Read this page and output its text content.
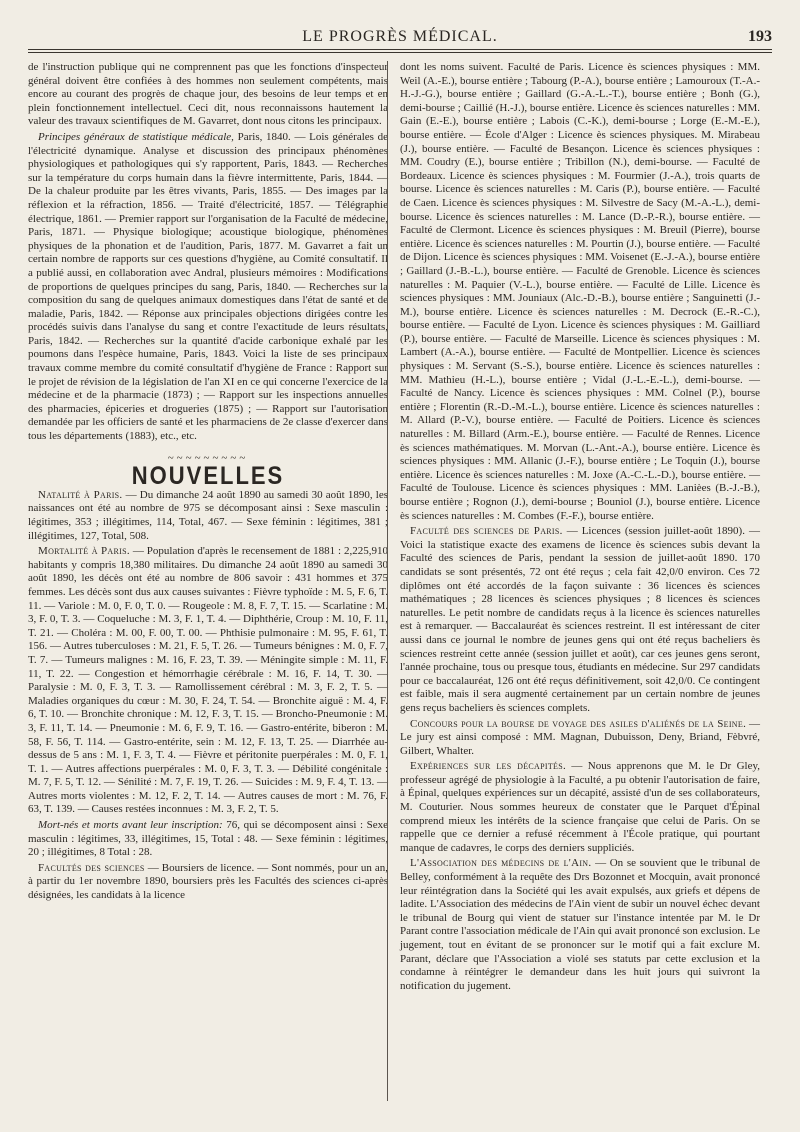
LE PROGRÈS MÉDICAL.	193

de l'instruction publique qui ne comprennent pas que les fonctions d'inspecteur général doivent être confiées à des hommes non seulement compétents, mais encore au courant des progrès de chaque jour, des besoins de leur temps et en plein fonctionnement intellectuel. Ceci dit, nous reconnaissons hautement la valeur des travaux scientifiques de M. Gavarret, dont nous citons les principaux.

Principes généraux de statistique médicale, Paris, 1840. — Lois générales de l'électricité dynamique. Analyse et discussion des principaux phénomènes physiologiques et pathologiques qui s'y rapportent, Paris, 1843. — Recherches sur la température du corps humain dans la fièvre intermittente, Paris, 1844. — De la chaleur produite par les êtres vivants, Paris, 1855. — Des images par la réflexion et la réfraction, 1856. — Traité d'électricité, 1857. — Télégraphie électrique, 1861. — Premier rapport sur l'organisation de la Faculté de médecine, Paris, 1871. — Physique biologique; acoustique biologique, phénomènes physiques de la phonation et de l'audition, Paris, 1877. M. Gavarret a fait un certain nombre de rapports sur ces questions d'hygiène, au Comité consultatif. Il a publié aussi, en collaboration avec Andral, plusieurs mémoires : Modifications de proportions de quelques principes du sang, Paris, 1840. — Recherches sur la composition du sang de quelques animaux domestiques dans l'état de santé et de maladie, Paris, 1842. — Réponse aux principales objections dirigées contre les procédés suivis dans l'analyse du sang et contre l'exactitude de leurs résultats, Paris, 1842. — Recherches sur la quantité d'acide carbonique exhalé par les poumons dans l'espèce humaine, Paris, 1843. Voici la liste de ses principaux travaux comme membre du comité consultatif d'hygiène de France : Rapport sur le projet de révision de la législation de l'an XI en ce qui concerne l'exercice de la médecine et de la pharmacie (1873) ; — Rapport sur les inspections annuelles des pharmacies, épiceries et drogueries (1875) ; — Rapport sur l'autorisation demandée par les officiers de santé et les pharmaciens de 2e classe d'exercer dans tous les départements (1883), etc., etc.

~~~~~~~~~
NOUVELLES

Natalité à Paris. — Du dimanche 24 août 1890 au samedi 30 août 1890, les naissances ont été au nombre de 975 se décomposant ainsi : Sexe masculin : légitimes, 353 ; illégitimes, 114, Total, 467. — Sexe féminin : légitimes, 381 ; illégitimes, 127, Total, 508.

Mortalité à Paris. — Population d'après le recensement de 1881 : 2,225,910 habitants y compris 18,380 militaires. Du dimanche 24 août 1890 au samedi 30 août 1890, les décès ont été au nombre de 806 savoir : 431 hommes et 375 femmes. Les décès sont dus aux causes suivantes : Fièvre typhoïde : M. 5, F. 6, T. 11. — Variole : M. 0, F. 0, T. 0. — Rougeole : M. 8, F. 7, T. 15. — Scarlatine : M. 3, F. 0, T. 3. — Coqueluche : M. 3, F. 1, T. 4. — Diphthérie, Croup : M. 10, F. 11, T. 21. — Choléra : M. 00, F. 00, T. 00. — Phthisie pulmonaire : M. 95, F. 61, T. 156. — Autres tuberculoses : M. 21, F. 5, T. 26. — Tumeurs bénignes : M. 0, F. 7, T. 7. — Tumeurs malignes : M. 16, F. 23, T. 39. — Méningite simple : M. 11, F. 11, T. 22. — Congestion et hémorrhagie cérébrale : M. 16, F. 14, T. 30. — Paralysie : M. 0, F. 3, T. 3. — Ramollissement cérébral : M. 3, F. 2, T. 5. — Maladies organiques du cœur : M. 30, F. 24, T. 54. — Bronchite aiguë : M. 4, F. 6, T. 10. — Bronchite chronique : M. 12, F. 3, T. 15. — Broncho-Pneumonie : M. 3, F. 11, T. 14. — Pneumonie : M. 6, F. 9, T. 16. — Gastro-entérite, biberon : M. 58, F. 56, T. 114. — Gastro-entérite, sein : M. 12, F. 13, T. 25. — Diarrhée au-dessus de 5 ans : M. 1, F. 3, T. 4. — Fièvre et péritonite puerpérales : M. 0, F. 1, T. 1. — Autres affections puerpérales : M. 0, F. 3, T. 3. — Débilité congénitale : M. 7, F. 5, T. 12. — Sénilité : M. 7, F. 19, T. 26. — Suicides : M. 9, F. 4, T. 13. — Autres morts violentes : M. 12, F. 2, T. 14. — Autres causes de mort : M. 76, F. 63, T. 139. — Causes restées inconnues : M. 3, F. 2, T. 5.

Mort-nés et morts avant leur inscription: 76, qui se décomposent ainsi : Sexe masculin : légitimes, 33, illégitimes, 15, Total : 48. — Sexe féminin : légitimes, 20 ; illégitimes, 8 Total : 28.

Facultés des sciences — Boursiers de licence. — Sont nommés, pour un an, à partir du 1er novembre 1890, boursiers près les Facultés des sciences ci-après désignées, les candidats à la licence

dont les noms suivent. Faculté de Paris. Licence ès sciences physiques : MM. Weil (A.-E.), bourse entière ; Tabourg (P.-A.), bourse entière ; Lamouroux (T.-A.-H.-J.-G.), bourse entière ; Gaillard (G.-A.-L.-T.), bourse entière ; Bonh (G.), demi-bourse ; Caillié (H.-J.), bourse entière. Licence ès sciences naturelles : MM. Gain (E.-E.), bourse entière ; Labois (C.-K.), demi-bourse ; Lorge (E.-M.-E.), bourse entière. — École d'Alger : Licence ès sciences physiques. M. Mirabeau (J.), bourse entière. — Faculté de Besançon. Licence ès sciences physiques : MM. Coudry (E.), bourse entière ; Tribillon (N.), demi-bourse. — Faculté de Bordeaux. Licence ès sciences physiques : M. Fourmier (J.-A.), trois quarts de bourse. Licence ès sciences naturelles : M. Caris (P.), bourse entière. — Faculté de Caen. Licence ès sciences physiques : M. Silvestre de Sacy (M.-A.-L.), demi-bourse. Licence ès sciences naturelles : M. Lance (D.-P.-R.), bourse entière. — Faculté de Clermont. Licence ès sciences physiques : M. Breuil (Pierre), bourse entière. Licence ès sciences naturelles : M. Pourtin (J.), bourse entière. — Faculté de Dijon. Licence ès sciences physiques : MM. Voisenet (E.-J.-A.), bourse entière ; Gaillard (J.-B.-L.), bourse entière. — Faculté de Grenoble. Licence ès sciences naturelles : M. Paquier (V.-L.), bourse entière. — Faculté de Lille. Licence ès sciences physiques : MM. Jouniaux (Alc.-D.-B.), bourse entière ; Sanguinetti (J.-M.), bourse entière. Licence ès sciences naturelles : M. Decrock (E.-R.-C.), bourse entière. — Faculté de Lyon. Licence ès sciences physiques : M. Gailliard (P.), bourse entière. — Faculté de Marseille. Licence ès sciences physiques : M. Lambert (A.-A.), bourse entière. — Faculté de Montpellier. Licence ès sciences physiques : M. Servant (S.-S.), bourse entière. Licence ès sciences naturelles : MM. Mathieu (H.-L.), bourse entière ; Vidal (J.-L.-E.-L.), demi-bourse. — Faculté de Nancy. Licence ès sciences physiques : MM. Colnel (P.), bourse entière ; Florentin (R.-D.-M.-L.), bourse entière. Licence ès sciences naturelles : M. Allard (P.-V.), bourse entière. — Faculté de Poitiers. Licence ès sciences naturelles : M. Billard (Arm.-E.), bourse entière. — Faculté de Rennes. Licence ès sciences mathématiques. M. Morvan (L.-Ant.-A.), bourse entière. Licence ès sciences physiques : MM. Allanic (J.-F.), bourse entière ; Le Toquin (J.), bourse entière. Licence ès sciences naturelles : M. Joxe (A.-C.-L.-D.), bourse entière. — Faculté de Toulouse. Licence ès sciences physiques : MM. Lanièes (B.-J.-B.), bourse entière ; Rognon (J.), demi-bourse ; Bouniol (J.), bourse entière. Licence ès sciences naturelles : M. Combes (F.-F.), bourse entière.

Faculté des sciences de Paris. — Licences (session juillet-août 1890). — Voici la statistique exacte des examens de licence ès sciences subis devant la Faculté des sciences de Paris, pendant la session de juillet-août 1890. 170 candidats se sont présentés, 72 ont été reçus ; cela fait 42,0/0 environ. Ces 72 diplômes ont été accordés de la façon suivante : 36 licences ès sciences mathématiques ; 28 licences ès sciences physiques ; 8 licences ès sciences naturelles. Le petit nombre de candidats reçus à la licence ès sciences naturelles est à remarquer. — Baccalauréat ès sciences restreint. Il est intéressant de citer aussi dans ce journal le nombre de jeunes gens qui ont été reçus bacheliers ès sciences restreint cette année (session juillet et août), car ces jeunes gens seront, l'année prochaine, tous ou presque tous, étudiants en médecine. Sur 297 candidats pour ce baccalauréat, 126 ont été reçus définitivement, soit 42,0/0. Ce contingent est faible, mais il sera augmenté certainement par un certain nombre de jeunes gens reçus bacheliers ès sciences complets.

Concours pour la bourse de voyage des asiles d'aliénés de la Seine. — Le jury est ainsi composé : MM. Magnan, Dubuisson, Deny, Briand, Fèbvré, Gilbert, Whalter.

Expériences sur les décapités. — Nous apprenons que M. le Dr Gley, professeur agrégé de physiologie à la Faculté, a pu obtenir l'autorisation de faire, à Épinal, quelques expériences sur un décapité, assisté d'un de ses collaborateurs, M. Couturier. Nous sommes heureux de constater que le Parquet d'Épinal comprend mieux les intérêts de la science française que celui de Paris. On se rappelle que ce dernier a refusé récemment à l'École pratique, qui pourtant manque de cadavres, le corps des derniers suppliciés.

L'Association des médecins de l'Ain. — On se souvient que le tribunal de Belley, conformément à la requête des Drs Bozonnet et Mocquin, avait prononcé leur réintégration dans la Société qui les avait expulsés, aux griefs et dépens de ladite. L'Association des médecins de l'Ain vient de subir un nouvel échec devant le tribunal de Bourg qui vient de statuer sur l'instance intentée par M. le Dr Parant contre l'association médicale de l'Ain qui avait prononcé son exclusion. Le jugement, tout en évitant de se prononcer sur le motif qui a fait exclure M. Parant, déclare que l'Association a violé ses statuts par cette exclusion et la condamne à réintégrer le demandeur dans les huit jours qui suivront la notification du jugement.
